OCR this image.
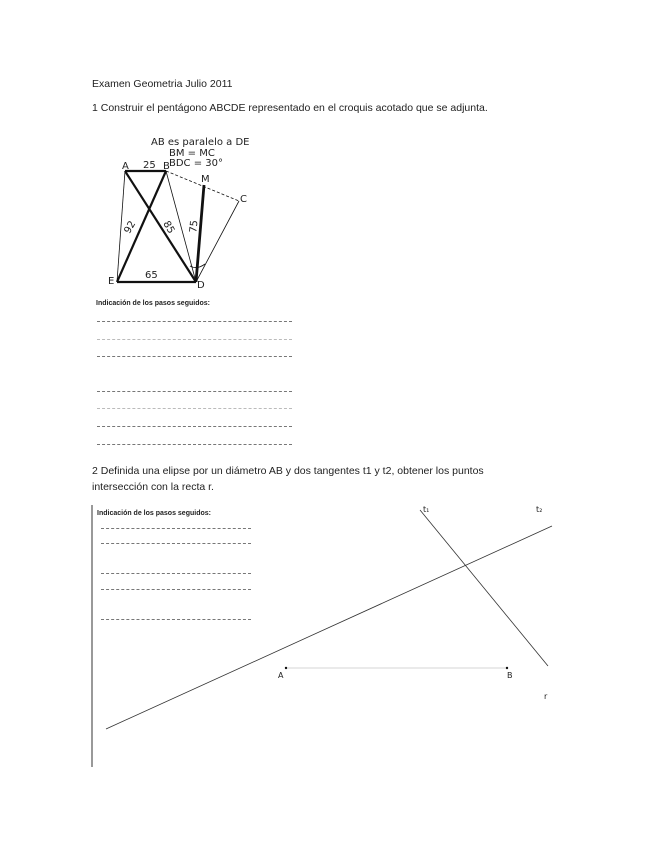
Examen Geometria Julio 2011
1 Construir el pentágono ABCDE representado en el croquis acotado que se adjunta.
AB es paralelo a DE
BM = MC
BDC = 30°
A	B
M
C
E	D
25
65
92 85 75
Indicación de los pasos seguidos:
2 Definida una elipse por un diámetro AB y dos tangentes t1 y t2, obtener los puntos
intersección con la recta r.
Indicación de los pasos seguidos:	t₁	t₂
A	B
r
